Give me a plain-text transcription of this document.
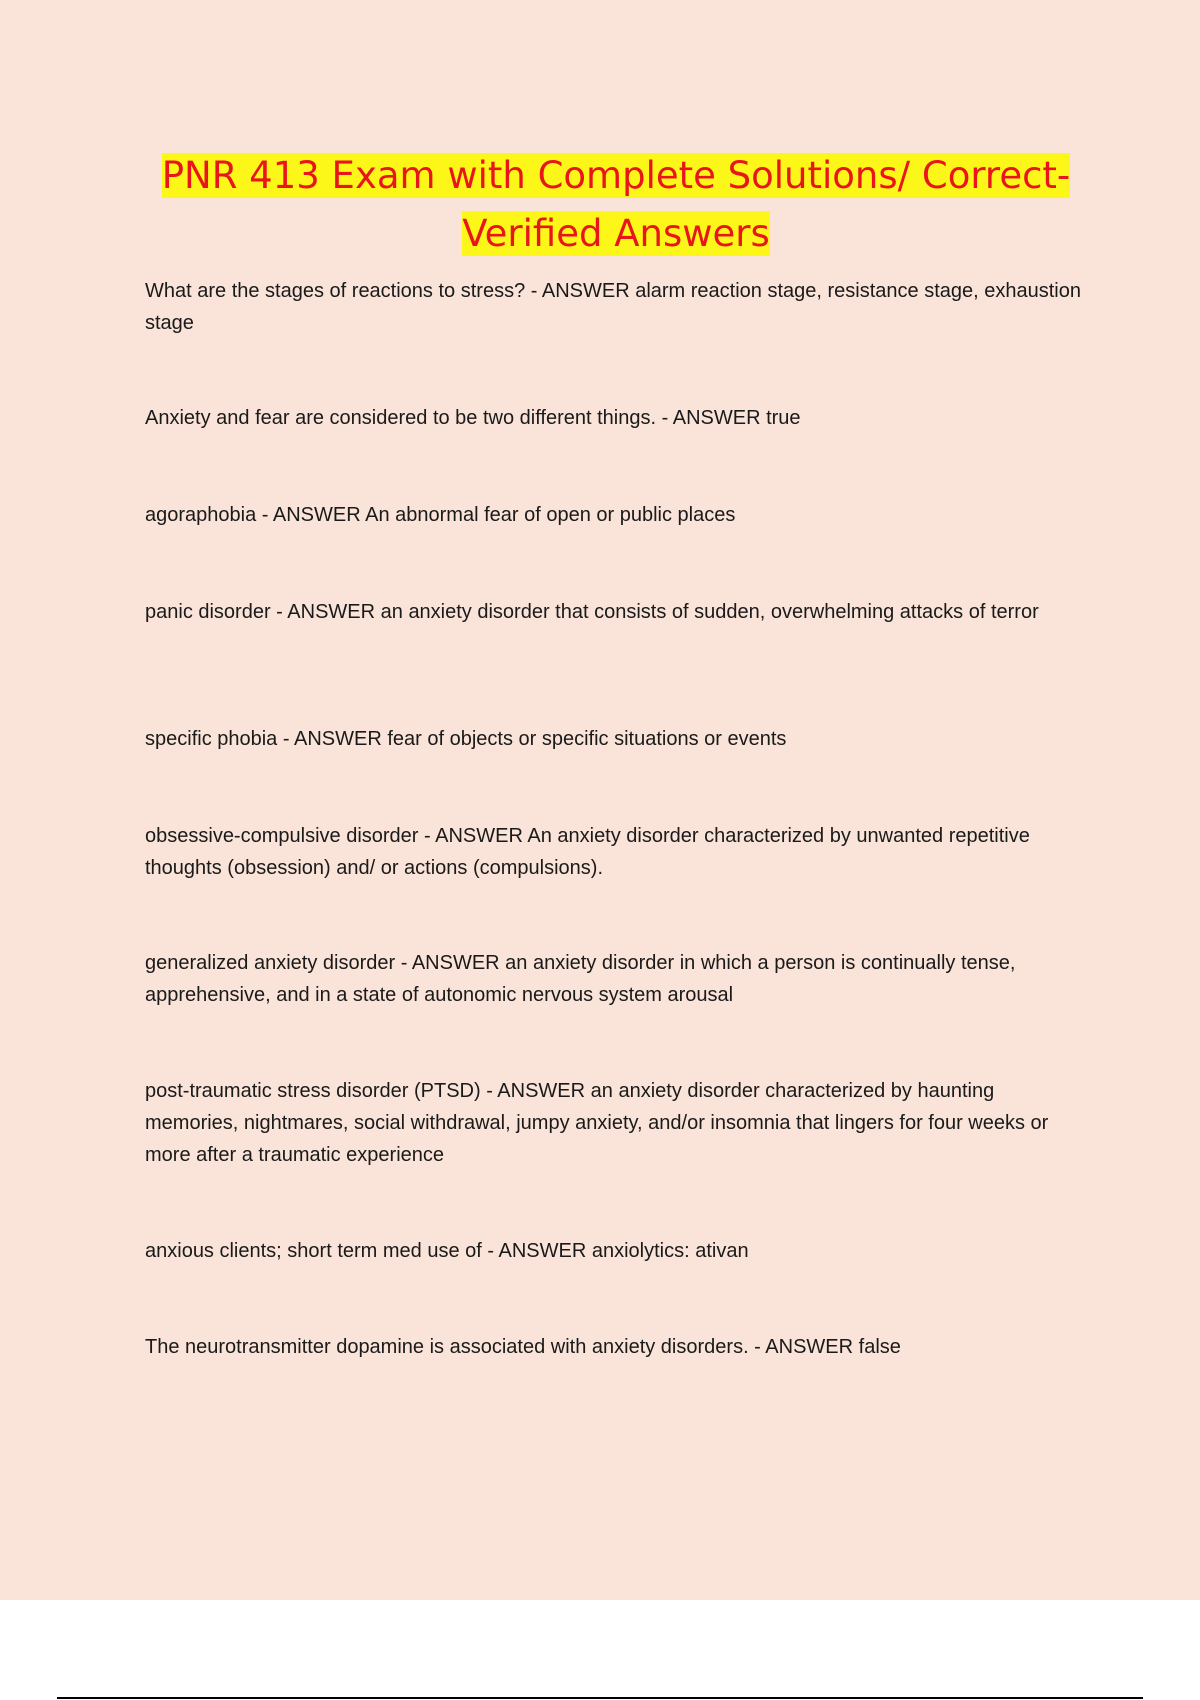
PNR 413 Exam with Complete Solutions/ Correct-Verified Answers

What are the stages of reactions to stress? - ANSWER alarm reaction stage, resistance stage, exhaustion stage

Anxiety and fear are considered to be two different things. - ANSWER true

agoraphobia - ANSWER An abnormal fear of open or public places

panic disorder - ANSWER an anxiety disorder that consists of sudden, overwhelming attacks of terror

specific phobia - ANSWER fear of objects or specific situations or events

obsessive-compulsive disorder - ANSWER An anxiety disorder characterized by unwanted repetitive thoughts (obsession) and/ or actions (compulsions).

generalized anxiety disorder - ANSWER an anxiety disorder in which a person is continually tense, apprehensive, and in a state of autonomic nervous system arousal

post-traumatic stress disorder (PTSD) - ANSWER an anxiety disorder characterized by haunting memories, nightmares, social withdrawal, jumpy anxiety, and/or insomnia that lingers for four weeks or more after a traumatic experience

anxious clients; short term med use of - ANSWER anxiolytics: ativan

The neurotransmitter dopamine is associated with anxiety disorders. - ANSWER false
